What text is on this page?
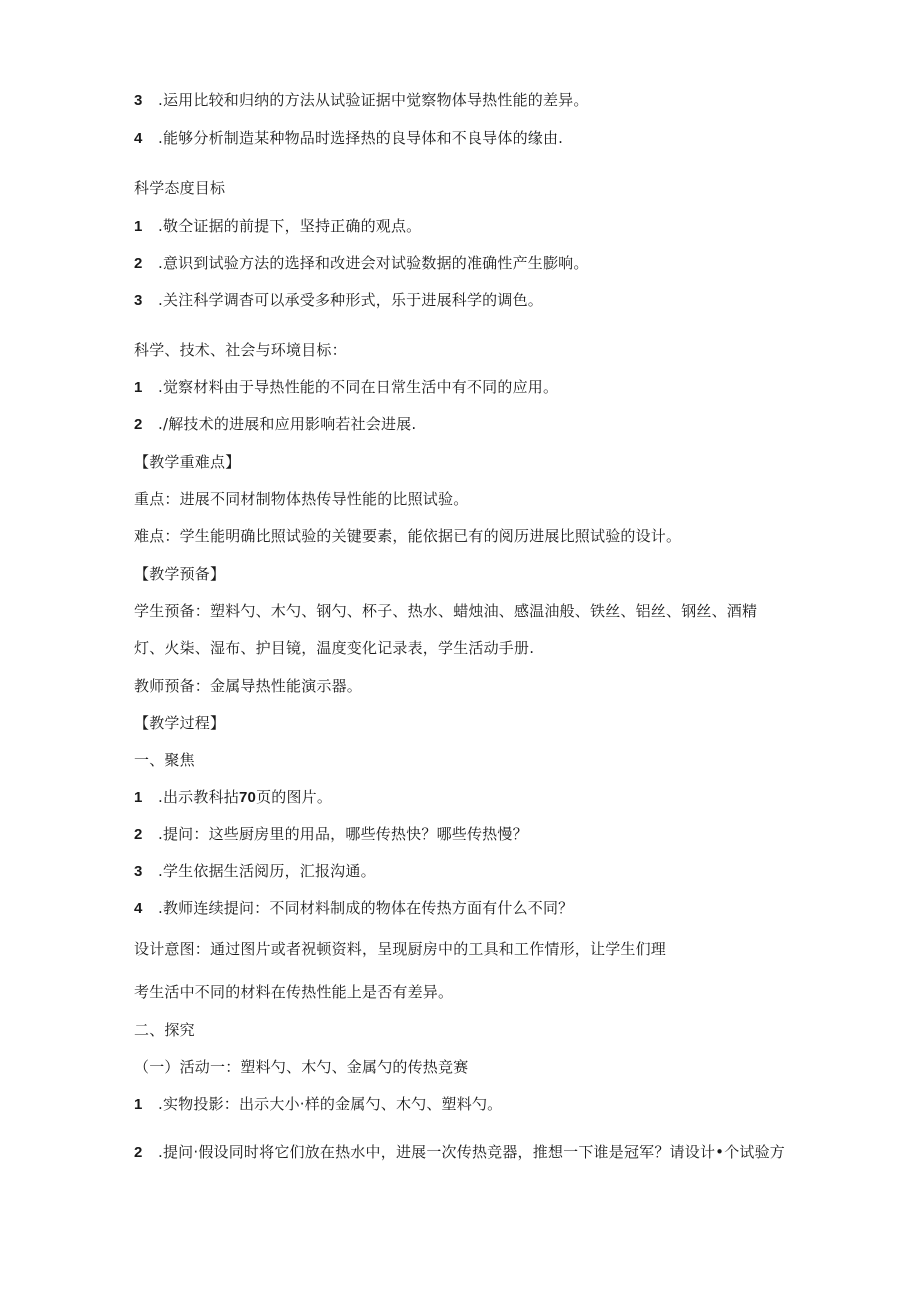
3 .运用比较和归纳的方法从试验证据中觉察物体导热性能的差异。
4 .能够分析制造某种物品时选择热的良导体和不良导体的缘由.
科学态度目标
1 .敬仝证据的前提下，坚持正确的观点。
2 .意识到试验方法的选择和改进会对试验数据的准确性产生膨响。
3 .关注科学调杳可以承受多种形式，乐于进展科学的调色。
科学、技术、社会与环境目标：
1 .觉察材料由于导热性能的不同在日常生活中有不同的应用。
2 ./解技术的进展和应用影响若社会进展.
【教学重难点】
重点：进展不同材制物体热传导性能的比照试验。
难点：学生能明确比照试验的关键要素，能依据已有的阅历进展比照试验的设计。
【教学预备】
学生预备：塑料勺、木勺、钢勺、杯子、热水、蜡烛油、感温油般、铁丝、铝丝、钢丝、酒精
灯、火柒、湿布、护目镜，温度变化记录表，学生活动手册.
教师预备：金属导热性能演示器。
【教学过程】
一、聚焦
1 .出示教科拈70页的图片。
2 .提问：这些厨房里的用品，哪些传热快？哪些传热慢？
3 .学生依据生活阅历，汇报沟通。
4 .教师连续提问：不同材料制成的物体在传热方面有什么不同？
设计意图：通过图片或者祝顿资料，呈现厨房中的工具和工作情形，让学生们理
考生活中不同的材料在传热性能上是否有差异。
二、探究
（一）活动一：塑料勺、木勺、金属勺的传热竞赛
1 .实物投影：出示大小·样的金属勺、木勺、塑料勺。
2 .提问·假设同时将它们放在热水中，进展一次传热竞器，推想一下谁是冠军？请设计•个试验方
